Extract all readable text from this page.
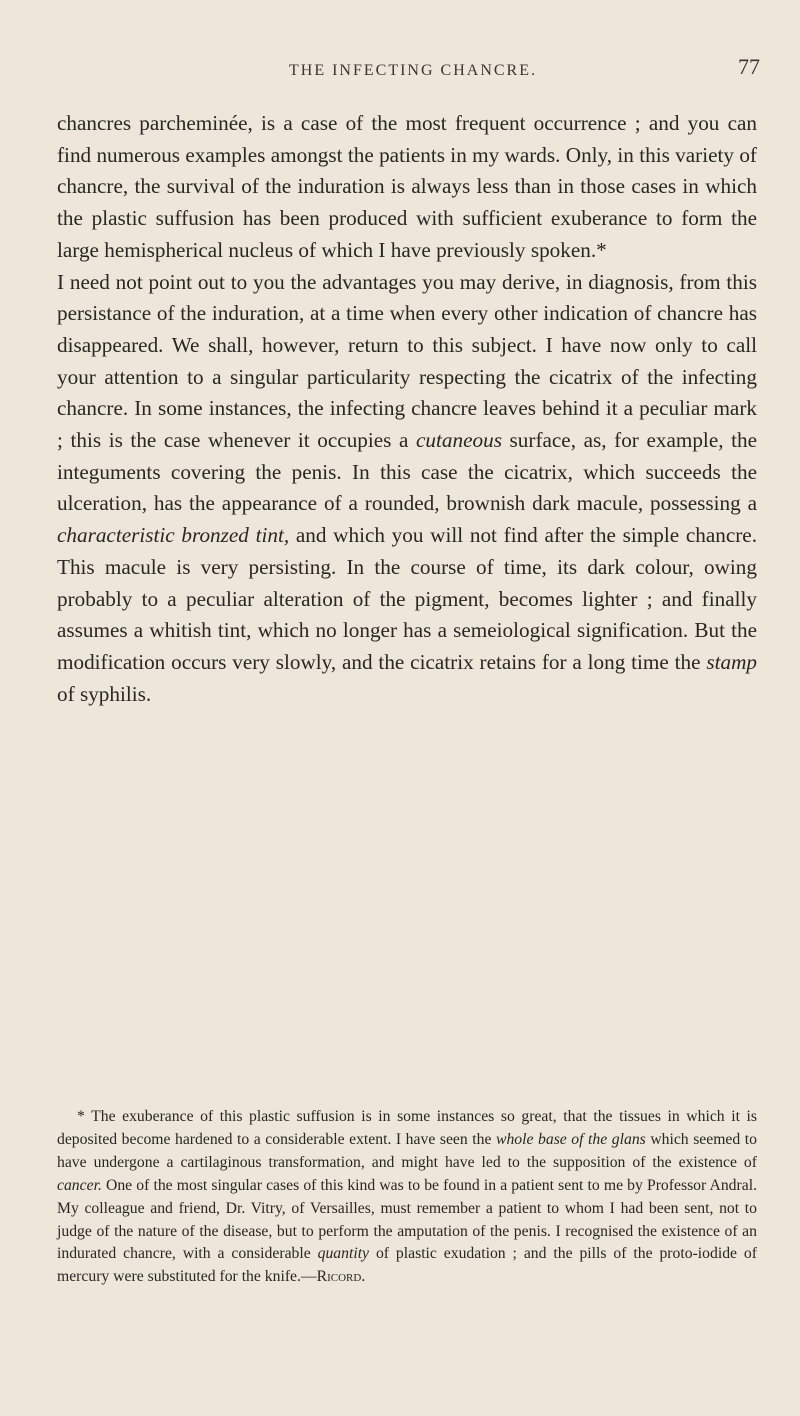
THE INFECTING CHANCRE.	77

chancres parcheminée, is a case of the most frequent occurrence ; and you can find numerous examples amongst the patients in my wards. Only, in this variety of chancre, the survival of the induration is always less than in those cases in which the plastic suffusion has been produced with sufficient exuberance to form the large hemispherical nucleus of which I have previously spoken.*

I need not point out to you the advantages you may derive, in diagnosis, from this persistance of the induration, at a time when every other indication of chancre has disappeared. We shall, however, return to this subject. I have now only to call your attention to a singular particularity respecting the cicatrix of the infecting chancre. In some instances, the infecting chancre leaves behind it a peculiar mark ; this is the case whenever it occupies a cutaneous surface, as, for example, the integuments covering the penis. In this case the cicatrix, which succeeds the ulceration, has the appearance of a rounded, brownish dark macule, possessing a characteristic bronzed tint, and which you will not find after the simple chancre. This macule is very persisting. In the course of time, its dark colour, owing probably to a peculiar alteration of the pigment, becomes lighter ; and finally assumes a whitish tint, which no longer has a semeiological signification. But the modification occurs very slowly, and the cicatrix retains for a long time the stamp of syphilis.

* The exuberance of this plastic suffusion is in some instances so great, that the tissues in which it is deposited become hardened to a considerable extent. I have seen the whole base of the glans which seemed to have undergone a cartilaginous transformation, and might have led to the supposition of the existence of cancer. One of the most singular cases of this kind was to be found in a patient sent to me by Professor Andral. My colleague and friend, Dr. Vitry, of Versailles, must remember a patient to whom I had been sent, not to judge of the nature of the disease, but to perform the amputation of the penis. I recognised the existence of an indurated chancre, with a considerable quantity of plastic exudation ; and the pills of the proto-iodide of mercury were substituted for the knife.—Ricord.
